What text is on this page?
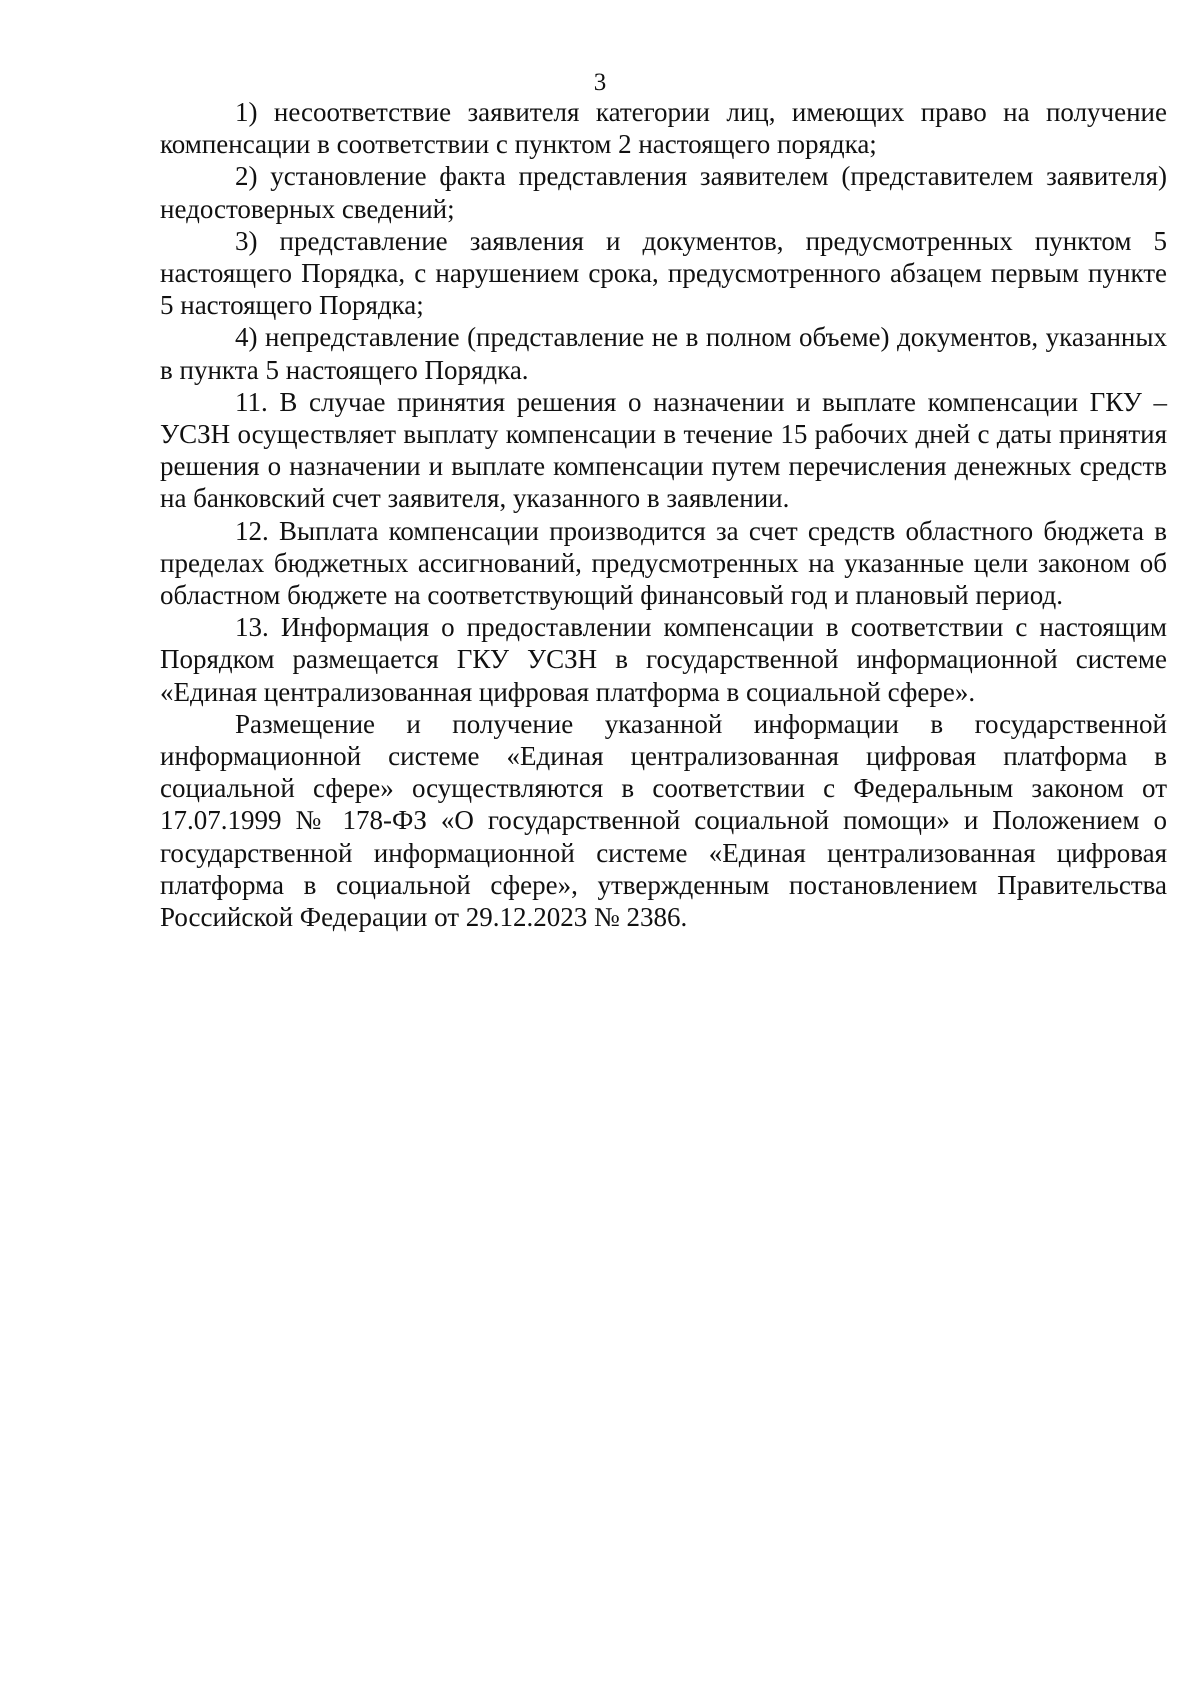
3

1) несоответствие заявителя категории лиц, имеющих право на получение компенсации в соответствии с пунктом 2 настоящего порядка;

2) установление факта представления заявителем (представителем заявителя) недостоверных сведений;

3) представление заявления и документов, предусмотренных пунктом 5 настоящего Порядка, с нарушением срока, предусмотренного абзацем первым пункте 5 настоящего Порядка;

4) непредставление (представление не в полном объеме) документов, указанных в пункта 5 настоящего Порядка.

11. В случае принятия решения о назначении и выплате компенсации ГКУ – УСЗН осуществляет выплату компенсации в течение 15 рабочих дней с даты принятия решения о назначении и выплате компенсации путем перечисления денежных средств на банковский счет заявителя, указанного в заявлении.

12. Выплата компенсации производится за счет средств областного бюджета в пределах бюджетных ассигнований, предусмотренных на указанные цели законом об областном бюджете на соответствующий финансовый год и плановый период.

13. Информация о предоставлении компенсации в соответствии с настоящим Порядком размещается ГКУ УСЗН в государственной информационной системе «Единая централизованная цифровая платформа в социальной сфере».

Размещение и получение указанной информации в государственной информационной системе «Единая централизованная цифровая платформа в социальной сфере» осуществляются в соответствии с Федеральным законом от 17.07.1999 № 178-ФЗ «О государственной социальной помощи» и Положением о государственной информационной системе «Единая централизованная цифровая платформа в социальной сфере», утвержденным постановлением Правительства Российской Федерации от 29.12.2023 № 2386.
